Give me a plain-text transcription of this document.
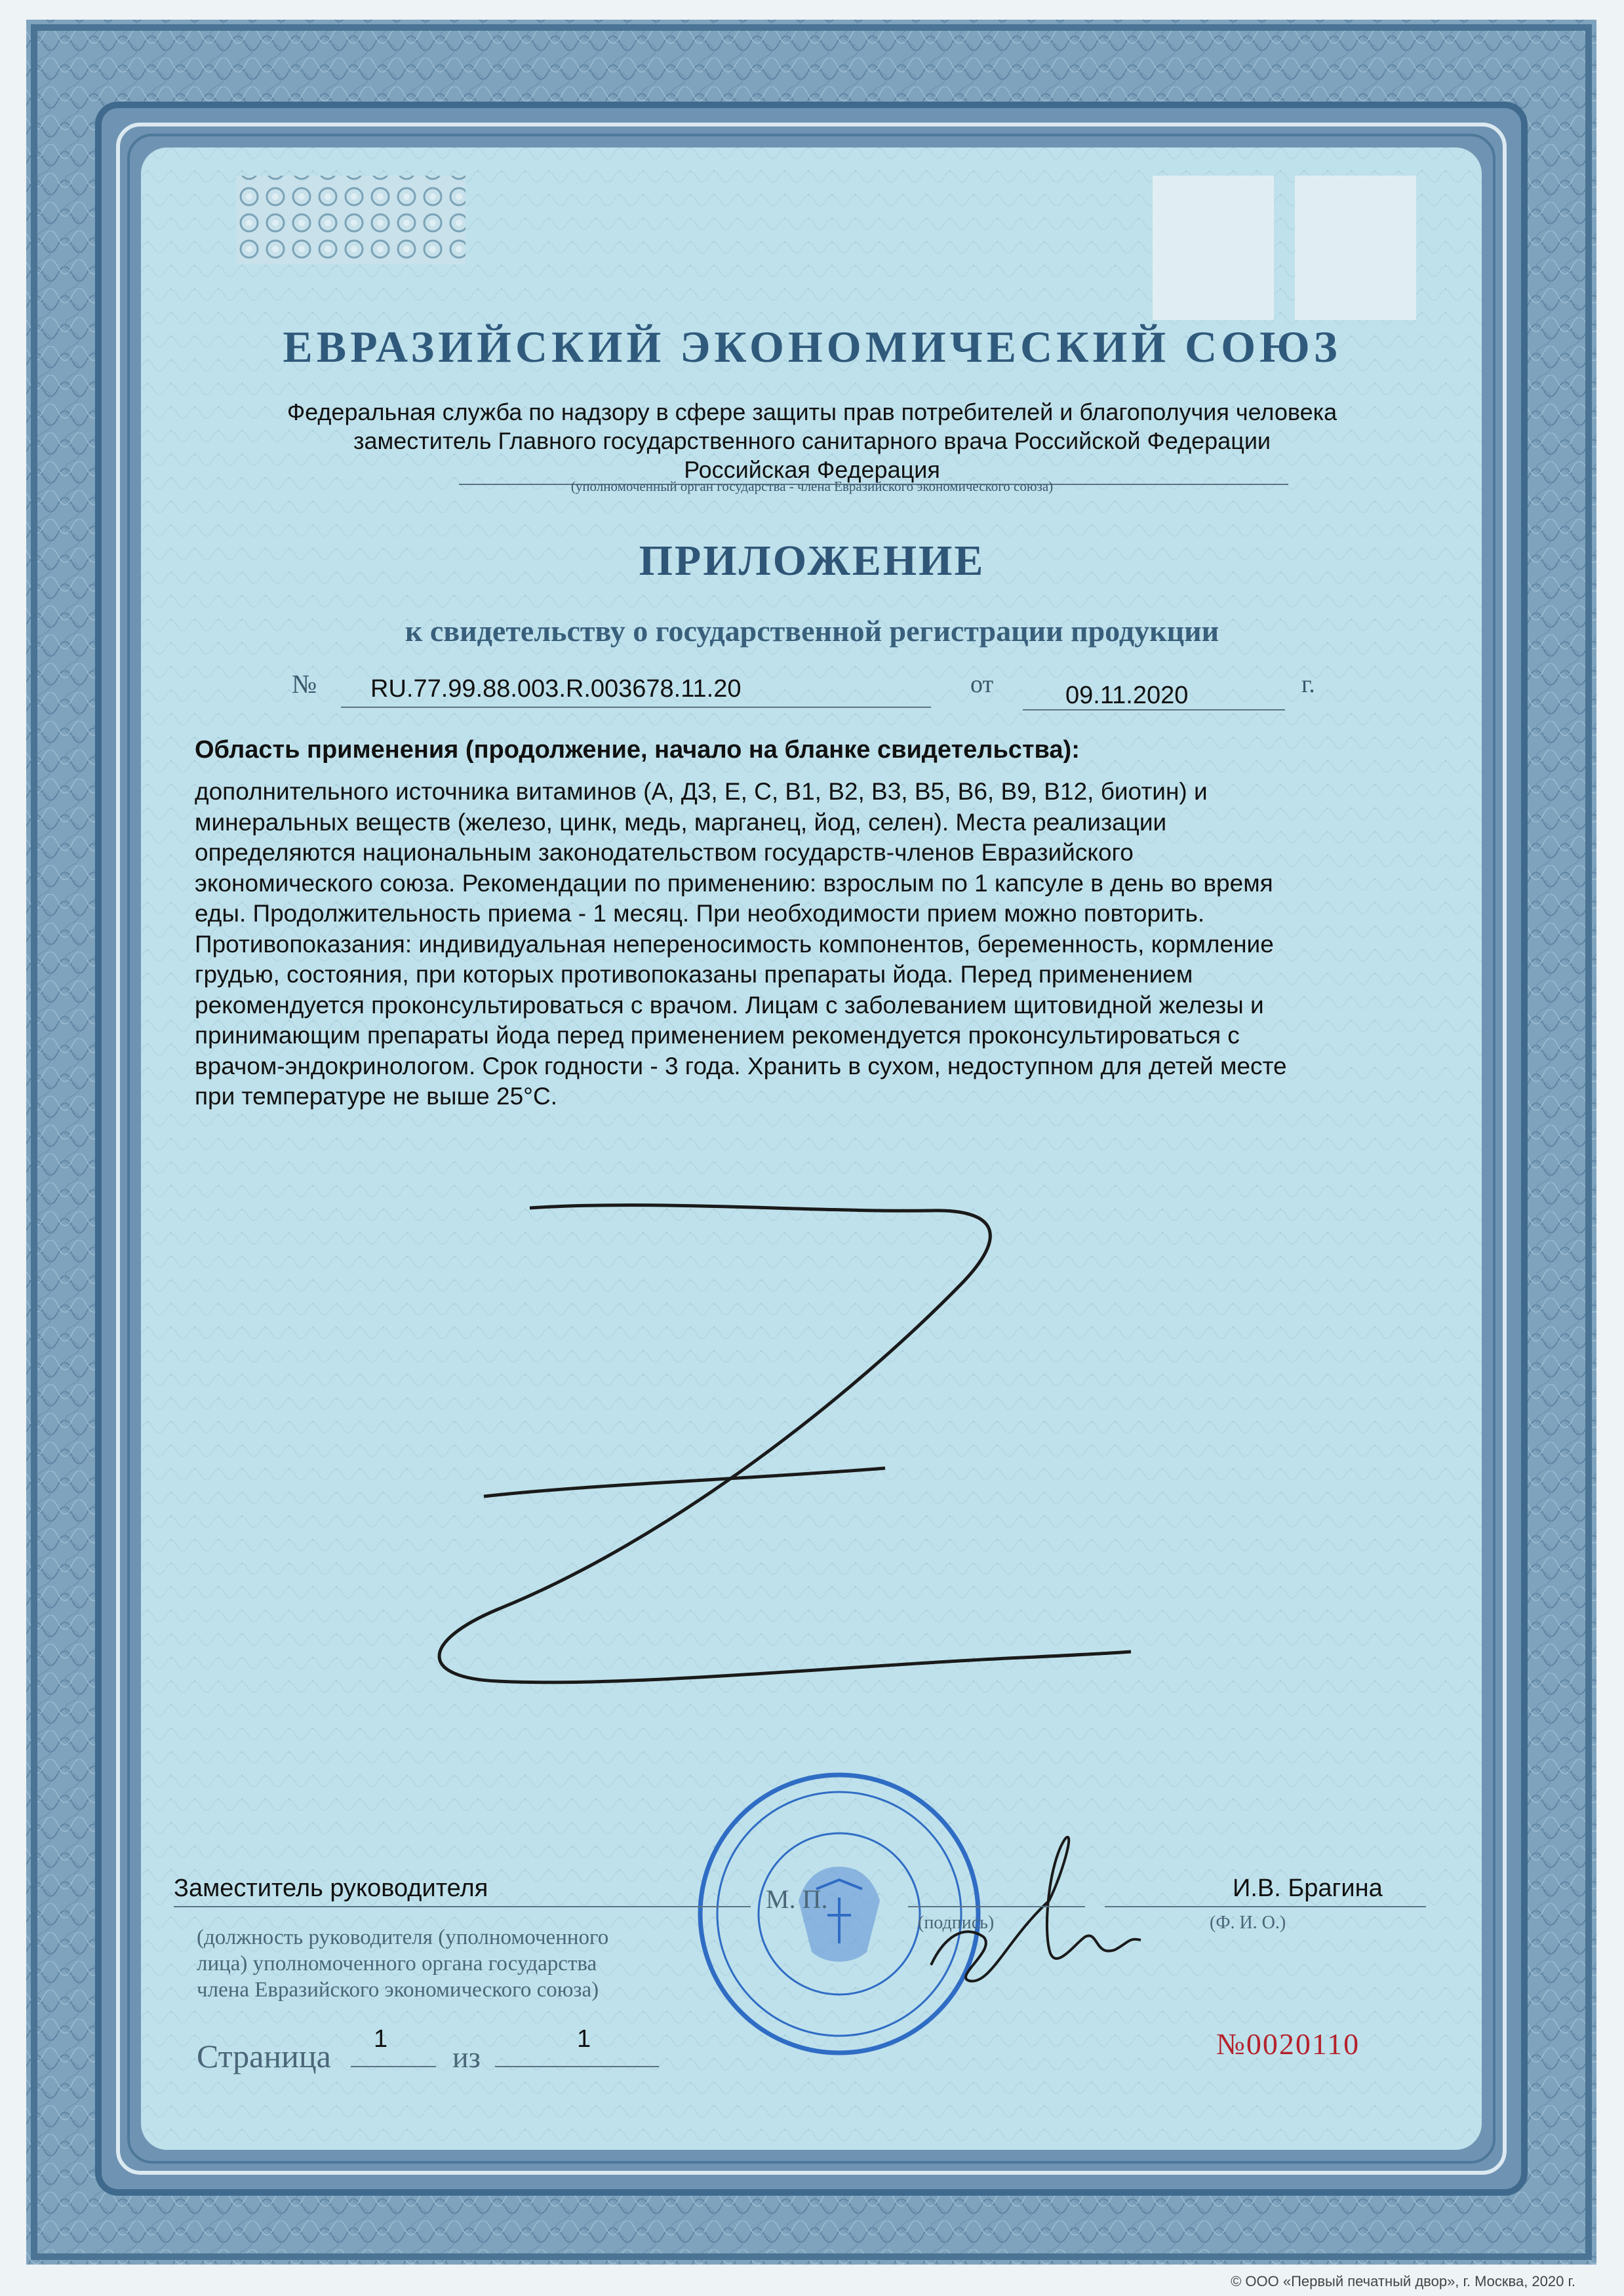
© ООО «Первый печатный двор», г. Москва, 2020 г.

ЕВРАЗИЙСКИЙ ЭКОНОМИЧЕСКИЙ СОЮЗ

Федеральная служба по надзору в сфере защиты прав потребителей и благополучия человека

заместитель Главного государственного санитарного врача Российской Федерации

Российская Федерация

(уполномоченный орган государства - члена Евразийского экономического союза)

ПРИЛОЖЕНИЕ

к свидетельству о государственной регистрации продукции

№ RU.77.99.88.003.R.003678.11.20	от	09.11.2020	г.

Область применения (продолжение, начало на бланке свидетельства):

дополнительного источника витаминов (А, Д3, Е, С, В1, В2, В3, В5, В6, В9, В12, биотин) и
минеральных веществ (железо, цинк, медь, марганец, йод, селен). Места реализации
определяются национальным законодательством государств-членов Евразийского
экономического союза. Рекомендации по применению: взрослым по 1 капсуле в день во время
еды. Продолжительность приема - 1 месяц. При необходимости прием можно повторить.
Противопоказания: индивидуальная непереносимость компонентов, беременность, кормление
грудью, состояния, при которых противопоказаны препараты йода. Перед применением
рекомендуется проконсультироваться с врачом. Лицам с заболеванием щитовидной железы и
принимающим препараты йода перед применением рекомендуется проконсультироваться с
врачом-эндокринологом. Срок годности - 3 года. Хранить в сухом, недоступном для детей месте
при температуре не выше 25°С.

Заместитель руководителя

(должность руководителя (уполномоченного

лица) уполномоченного органа государства

члена Евразийского экономического союза)

М. П.

(подпись)

И.В. Брагина

(Ф. И. О.)

Страница 1

из

1	№0020110
